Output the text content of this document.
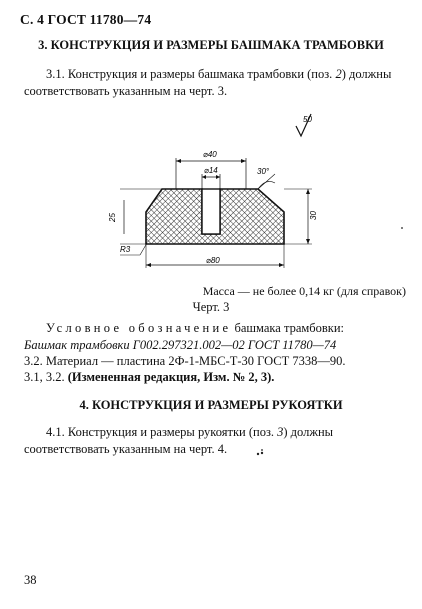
С. 4 ГОСТ 11780—74
3. КОНСТРУКЦИЯ И РАЗМЕРЫ БАШМАКА ТРАМБОВКИ
3.1. Конструкция и размеры башмака трамбовки (поз. 2) должны соответствовать указанным на черт. 3.
50
⌀40
⌀14	30°
25	30
R3
⌀80
Масса — не более 0,14 кг (для справок)
Черт. 3
Условное обозначение башмака трамбовки:
Башмак трамбовки Г002.297321.002—02 ГОСТ 11780—74
3.2. Материал — пластина 2Ф-1-МБС-Т-30 ГОСТ 7338—90.
3.1, 3.2. (Измененная редакция, Изм. № 2, 3).
4. КОНСТРУКЦИЯ И РАЗМЕРЫ РУКОЯТКИ
4.1. Конструкция и размеры рукоятки (поз. 3) должны соответствовать указанным на черт. 4.
38
